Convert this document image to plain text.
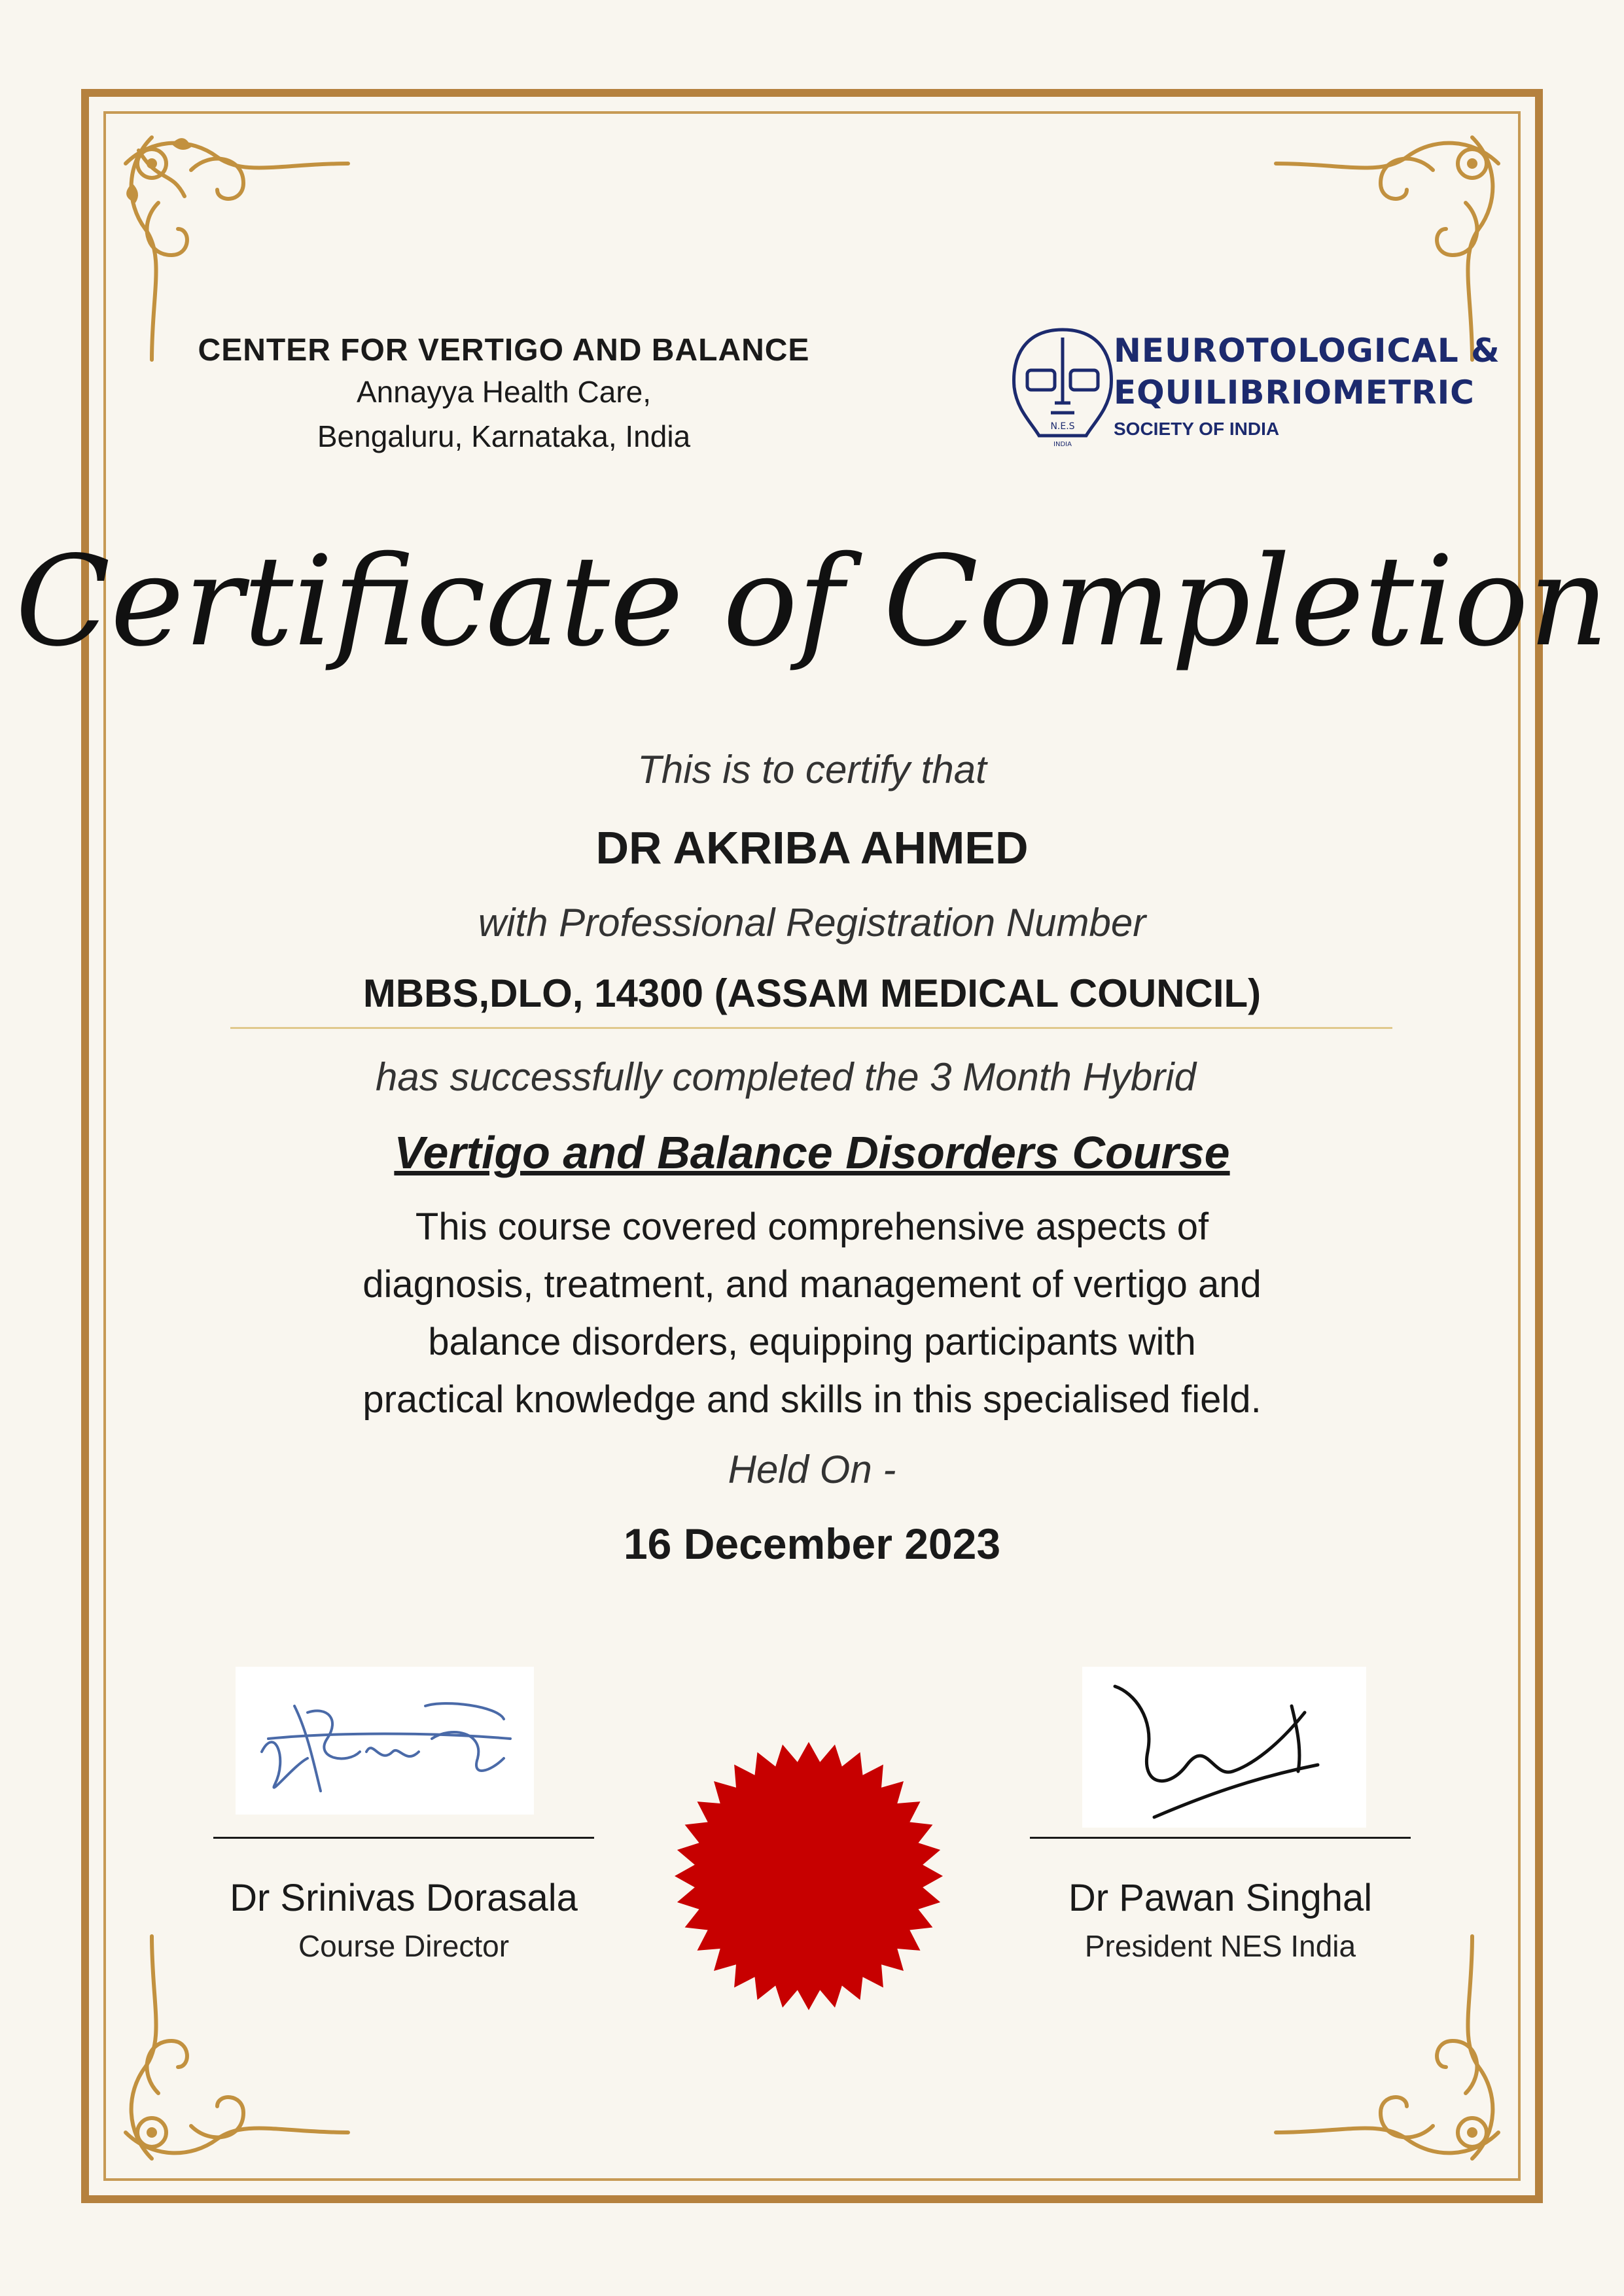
CENTER FOR VERTIGO AND BALANCE
Annayya Health Care,
Bengaluru, Karnataka, India	N.E.S
INDIA
NEUROTOLOGICAL &
EQUILIBRIOMETRIC
SOCIETY OF INDIA
Certificate of Completion
This is to certify that
DR AKRIBA AHMED
with Professional Registration Number
MBBS,DLO, 14300 (ASSAM MEDICAL COUNCIL)
has successfully completed the 3 Month Hybrid
Vertigo and Balance Disorders Course
This course covered comprehensive aspects of
diagnosis, treatment, and management of vertigo and
balance disorders, equipping participants with
practical knowledge and skills in this specialised field.
Held On -
16 December 2023
Dr Srinivas Dorasala
Course Director
Dr Pawan Singhal
President NES India
